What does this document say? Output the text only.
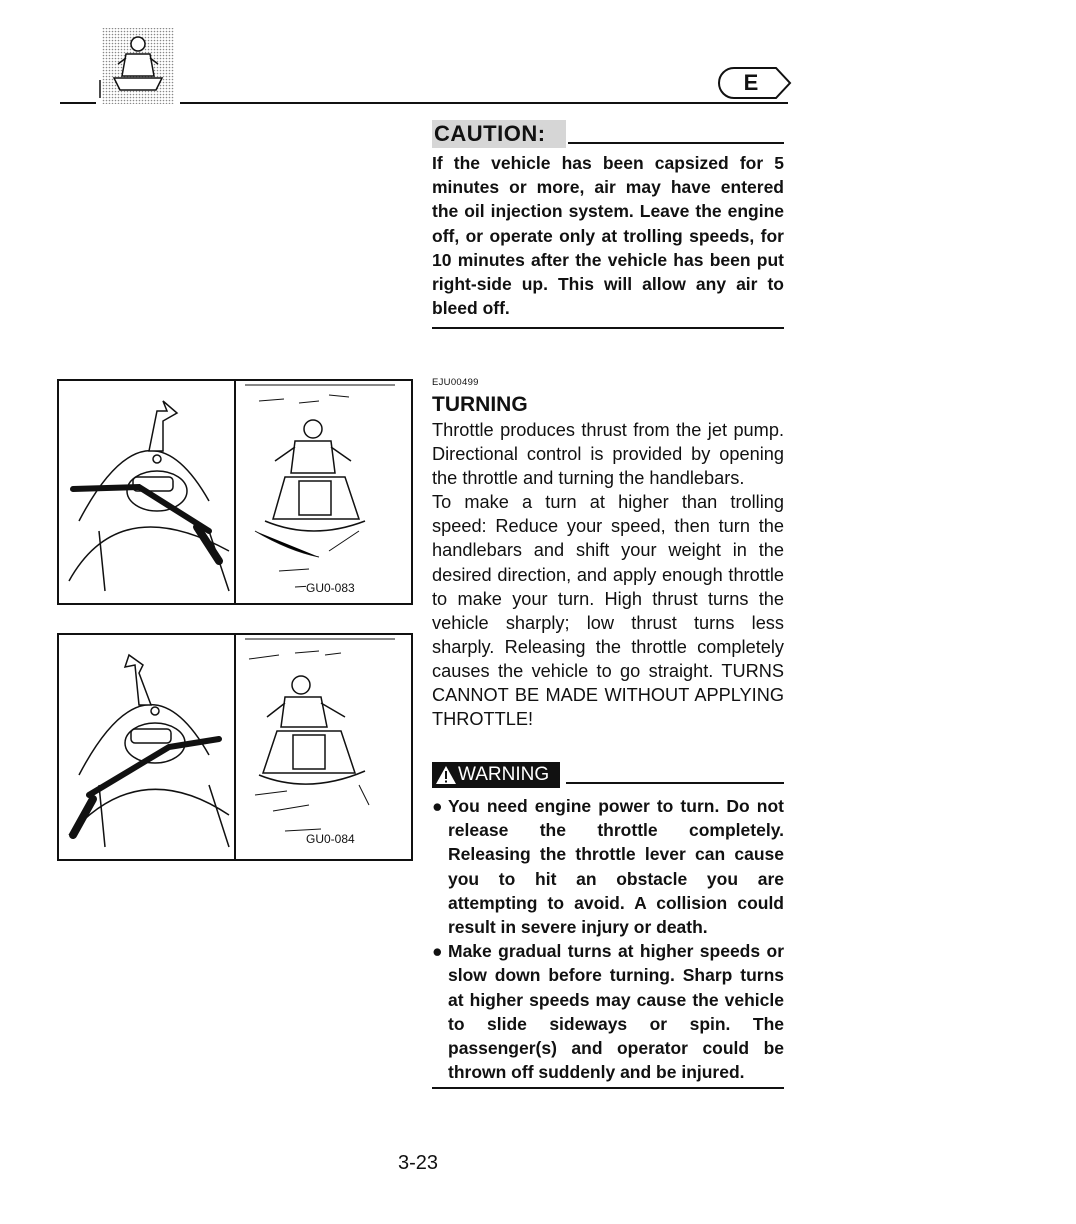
E
CAUTION:
If the vehicle has been capsized for 5 minutes or more, air may have entered the oil injection system. Leave the engine off, or operate only at trolling speeds, for 10 minutes after the vehicle has been put right-side up. This will allow any air to bleed off.
EJU00499
TURNING

Throttle produces thrust from the jet pump. Directional control is provided by opening the throttle and turning the handlebars.

To make a turn at higher than trolling speed: Reduce your speed, then turn the handlebars and shift your weight in the desired direction, and apply enough throttle to make your turn. High thrust turns the vehicle sharply; low thrust turns less sharply. Releasing the throttle completely causes the vehicle to go straight. TURNS CANNOT BE MADE WITHOUT APPLYING THROTTLE!

WARNING
● You need engine power to turn. Do not release the throttle completely. Releasing the throttle lever can cause you to hit an obstacle you are attempting to avoid. A collision could result in severe injury or death.
● Make gradual turns at higher speeds or slow down before turning. Sharp turns at higher speeds may cause the vehicle to slide sideways or spin. The passenger(s) and operator could be thrown off suddenly and be injured.
GU0-083
GU0-084
3-23
